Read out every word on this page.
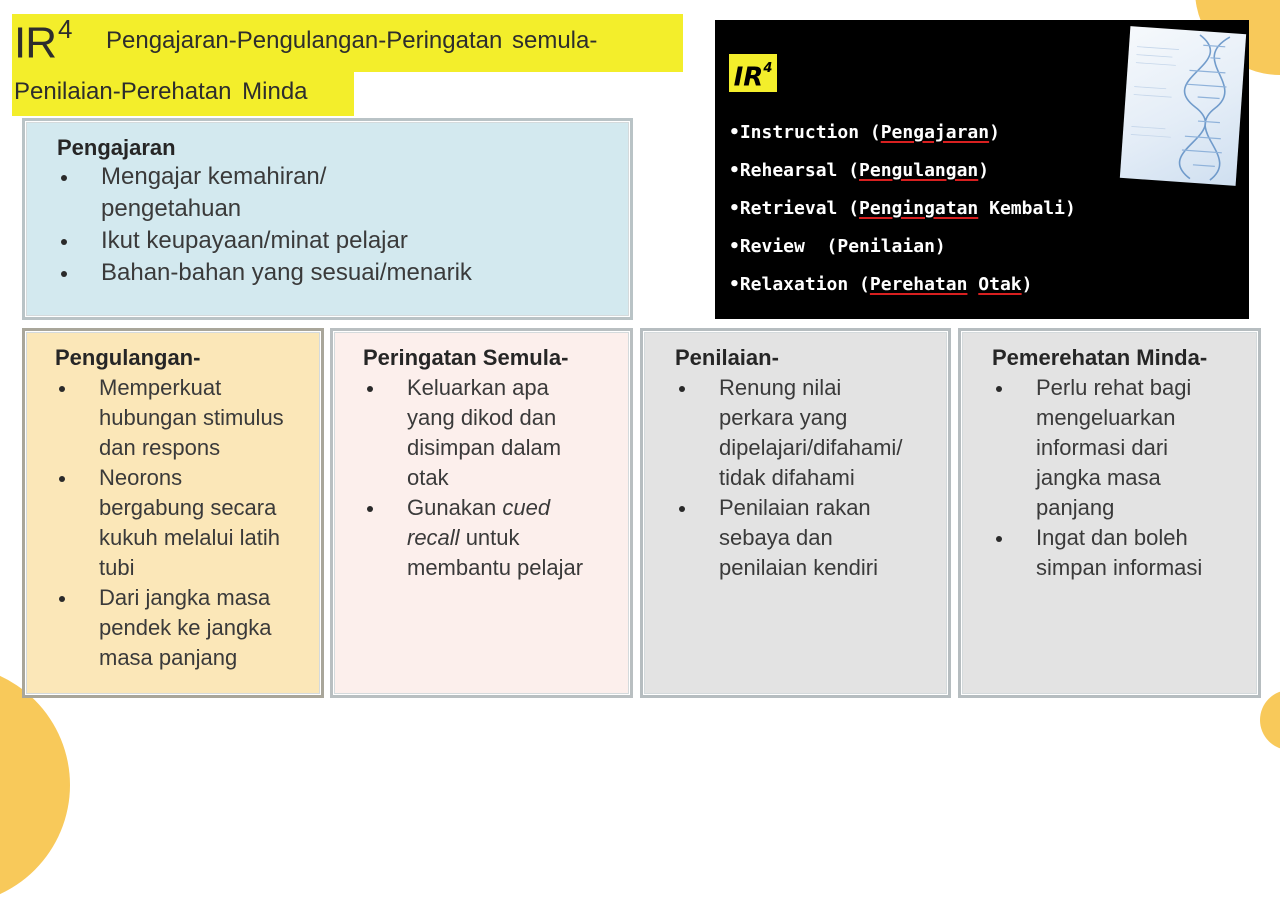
$IR^4$ Pengajaran-Pengulangan-Peringatan semula-
Penilaian-Perehatan Minda
Pengajaran
Mengajar kemahiran/
pengetahuan
Ikut keupayaan/minat pelajar
Bahan-bahan yang sesuai/menarik
$IR^4$
•Instruction (Pengajaran)
•Rehearsal (Pengulangan)
•Retrieval (Pengingatan Kembali)
•Review  (Penilaian)
•Relaxation (Perehatan Otak)
Pengulangan-
Memperkuat
hubungan stimulus
dan respons
Neorons
bergabung secara
kukuh melalui latih
tubi
Dari jangka masa
pendek ke jangka
masa panjang
Peringatan Semula-
Keluarkan apa
yang dikod dan
disimpan dalam
otak
Gunakan cued
recall untuk
membantu pelajar
Penilaian-
Renung nilai
perkara yang
dipelajari/difahami/
tidak difahami
Penilaian rakan
sebaya dan
penilaian kendiri
Pemerehatan Minda-
Perlu rehat bagi
mengeluarkan
informasi dari
jangka masa
panjang
Ingat dan boleh
simpan informasi
